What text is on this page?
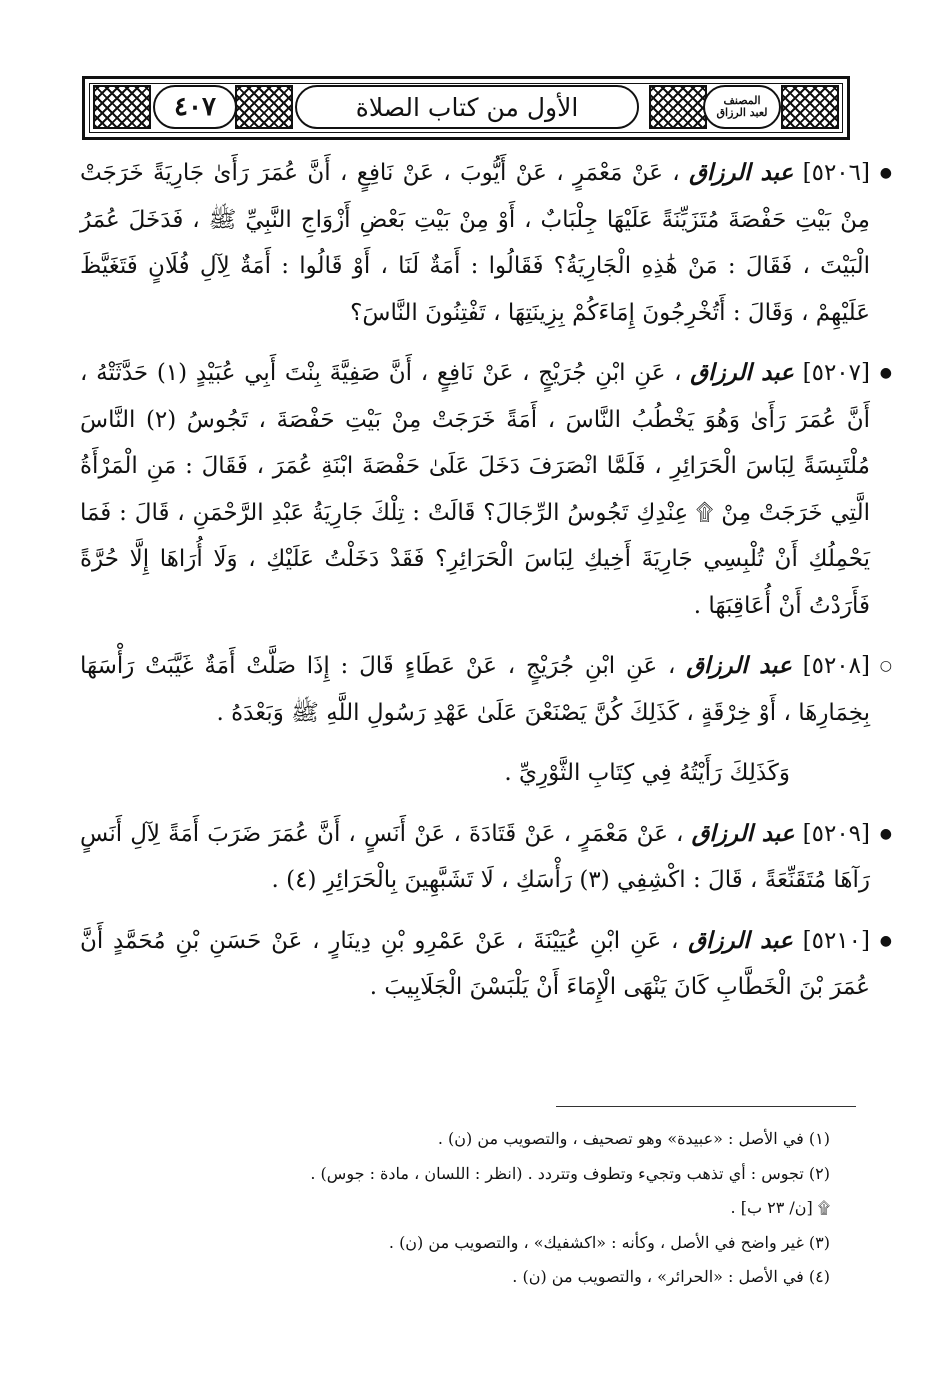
٤٠٧	الأول من كتاب الصلاة	المصنف
لعبد الرزاق
●

[٥٢٠٦] عبد الرزاق ، عَنْ مَعْمَرٍ ، عَنْ أَيُّوبَ ، عَنْ نَافِعٍ ، أَنَّ عُمَرَ رَأَىٰ جَارِيَةً خَرَجَتْ مِنْ بَيْتِ حَفْصَةَ مُتَزَيِّنَةً عَلَيْهَا جِلْبَابٌ ، أَوْ مِنْ بَيْتِ بَعْضِ أَزْوَاجِ النَّبِيِّ ﷺ ، فَدَخَلَ عُمَرُ الْبَيْتَ ، فَقَالَ : مَنْ هَٰذِهِ الْجَارِيَةُ؟ فَقَالُوا : أَمَةٌ لَنَا ، أَوْ قَالُوا : أَمَةٌ لِآلِ فُلَانٍ فَتَغَيَّظَ عَلَيْهِمْ ، وَقَالَ : أَتُخْرِجُونَ إِمَاءَكُمْ بِزِينَتِهَا ، تَفْتِنُونَ النَّاسَ؟

●

[٥٢٠٧] عبد الرزاق ، عَنِ ابْنِ جُرَيْجٍ ، عَنْ نَافِعٍ ، أَنَّ صَفِيَّةَ بِنْتَ أَبِي عُبَيْدٍ (١) حَدَّثَتْهُ ، أَنَّ عُمَرَ رَأَىٰ وَهُوَ يَخْطُبُ النَّاسَ ، أَمَةً خَرَجَتْ مِنْ بَيْتِ حَفْصَةَ ، تَجُوسُ (٢) النَّاسَ مُلْتَبِسَةً لِبَاسَ الْحَرَائِرِ ، فَلَمَّا انْصَرَفَ دَخَلَ عَلَىٰ حَفْصَةَ ابْنَةِ عُمَرَ ، فَقَالَ : مَنِ الْمَرْأَةُ الَّتِي خَرَجَتْ مِنْ ۩ عِنْدِكِ تَجُوسُ الرِّجَالَ؟ قَالَتْ : تِلْكَ جَارِيَةُ عَبْدِ الرَّحْمَنِ ، قَالَ : فَمَا يَحْمِلُكِ أَنْ تُلْبِسِي جَارِيَةَ أَخِيكِ لِبَاسَ الْحَرَائِرِ؟ فَقَدْ دَخَلْتُ عَلَيْكِ ، وَلَا أُرَاهَا إِلَّا حُرَّةً فَأَرَدْتُ أَنْ أُعَاقِبَهَا .

○

[٥٢٠٨] عبد الرزاق ، عَنِ ابْنِ جُرَيْجٍ ، عَنْ عَطَاءٍ قَالَ : إِذَا صَلَّتْ أَمَةٌ غَيَّبَتْ رَأْسَهَا بِخِمَارِهَا ، أَوْ خِرْقَةٍ ، كَذَلِكَ كُنَّ يَصْنَعْنَ عَلَىٰ عَهْدِ رَسُولِ اللَّهِ ﷺ وَبَعْدَهُ .

وَكَذَلِكَ رَأَيْتُهُ فِي كِتَابِ الثَّوْرِيِّ .

●

[٥٢٠٩] عبد الرزاق ، عَنْ مَعْمَرٍ ، عَنْ قَتَادَةَ ، عَنْ أَنَسٍ ، أَنَّ عُمَرَ ضَرَبَ أَمَةً لِآلِ أَنَسٍ رَآهَا مُتَقَنِّعَةً ، قَالَ : اكْشِفِي (٣) رَأْسَكِ ، لَا تَشَبَّهِينَ بِالْحَرَائِرِ (٤) .

●

[٥٢١٠] عبد الرزاق ، عَنِ ابْنِ عُيَيْنَةَ ، عَنْ عَمْرِو بْنِ دِينَارٍ ، عَنْ حَسَنِ بْنِ مُحَمَّدٍ أَنَّ عُمَرَ بْنَ الْخَطَّابِ كَانَ يَنْهَى الْإِمَاءَ أَنْ يَلْبَسْنَ الْجَلَابِيبَ .

(١) في الأصل : «عبيدة» وهو تصحيف ، والتصويب من (ن) .

(٢) تجوس : أي تذهب وتجيء وتطوف وتتردد . (انظر : اللسان ، مادة : جوس) .

۩ [ن/ ٢٣ ب] .

(٣) غير واضح في الأصل ، وكأنه : «اكشفيك» ، والتصويب من (ن) .

(٤) في الأصل : «الحرائر» ، والتصويب من (ن) .
